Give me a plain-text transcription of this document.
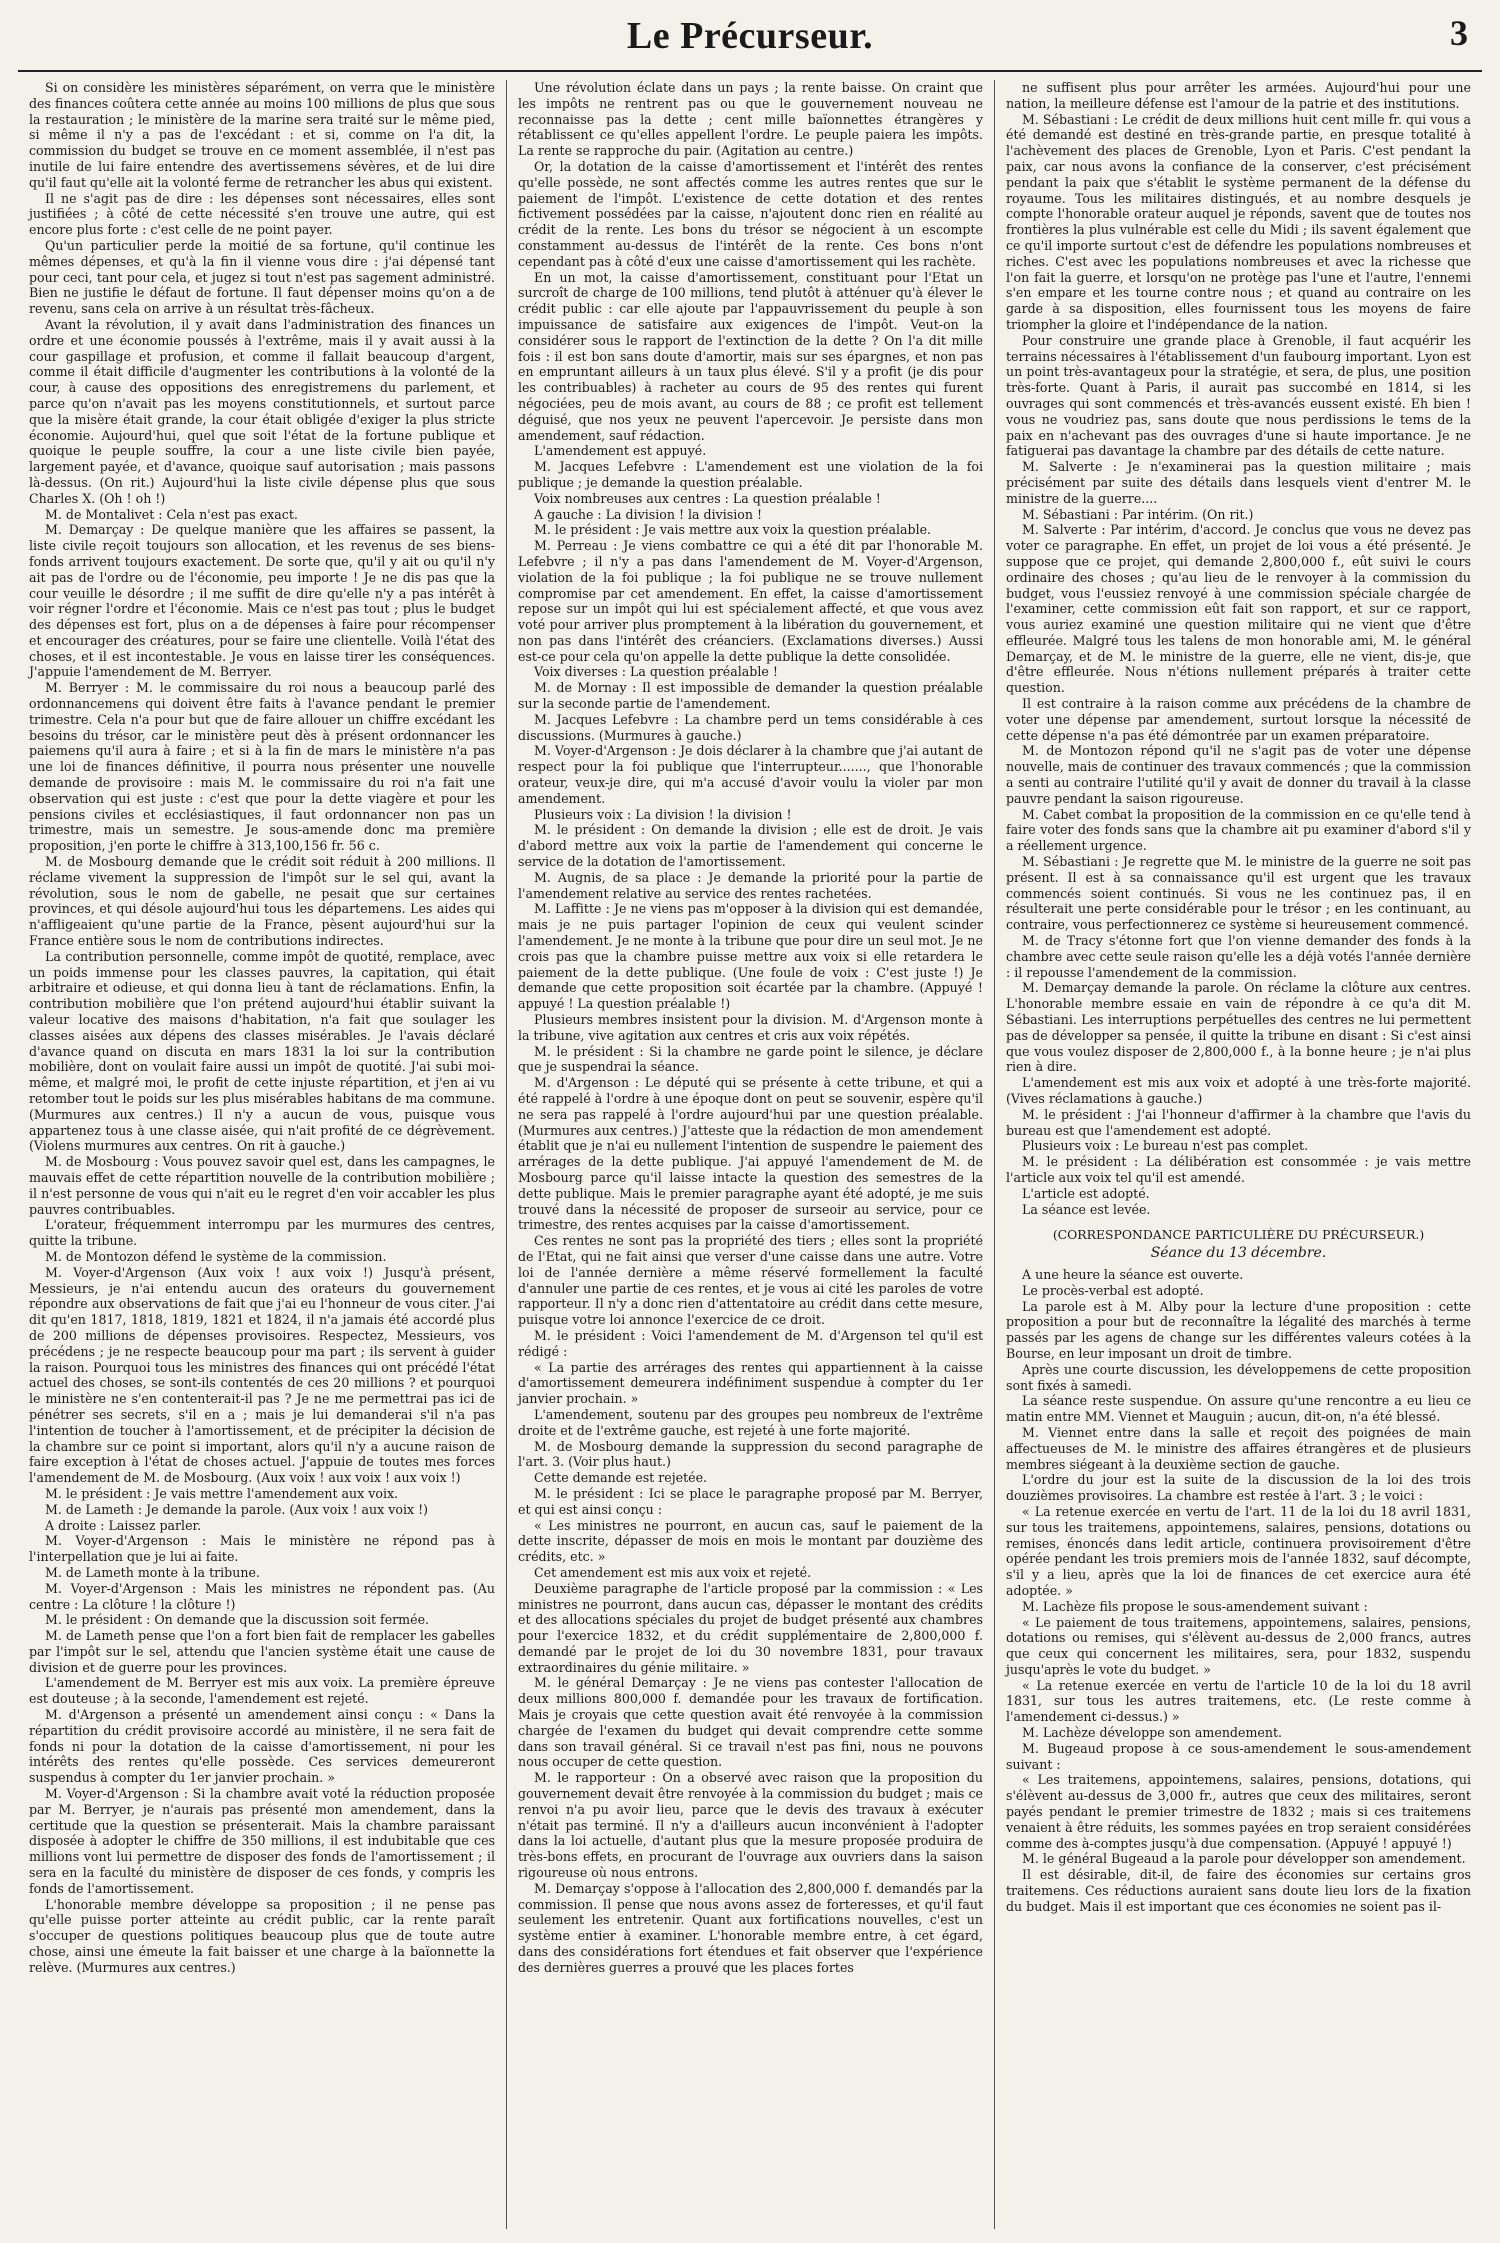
Le Précurseur.	3

Si on considère les ministères séparément, on verra que le ministère des finances coûtera cette année au moins 100 millions de plus que sous la restauration ; le ministère de la marine sera traité sur le même pied, si même il n'y a pas de l'excédant : et si, comme on l'a dit, la commission du budget se trouve en ce moment assemblée, il n'est pas inutile de lui faire entendre des avertissemens sévères, et de lui dire qu'il faut qu'elle ait la volonté ferme de retrancher les abus qui existent.

Il ne s'agit pas de dire : les dépenses sont nécessaires, elles sont justifiées ; à côté de cette nécessité s'en trouve une autre, qui est encore plus forte : c'est celle de ne point payer.

Qu'un particulier perde la moitié de sa fortune, qu'il continue les mêmes dépenses, et qu'à la fin il vienne vous dire : j'ai dépensé tant pour ceci, tant pour cela, et jugez si tout n'est pas sagement administré. Bien ne justifie le défaut de fortune. Il faut dépenser moins qu'on a de revenu, sans cela on arrive à un résultat très-fâcheux.

Avant la révolution, il y avait dans l'administration des finances un ordre et une économie poussés à l'extrême, mais il y avait aussi à la cour gaspillage et profusion, et comme il fallait beaucoup d'argent, comme il était difficile d'augmenter les contributions à la volonté de la cour, à cause des oppositions des enregistremens du parlement, et parce qu'on n'avait pas les moyens constitutionnels, et surtout parce que la misère était grande, la cour était obligée d'exiger la plus stricte économie. Aujourd'hui, quel que soit l'état de la fortune publique et quoique le peuple souffre, la cour a une liste civile bien payée, largement payée, et d'avance, quoique sauf autorisation ; mais passons là-dessus. (On rit.) Aujourd'hui la liste civile dépense plus que sous Charles X. (Oh ! oh !)

M. de Montalivet : Cela n'est pas exact.

M. Demarçay : De quelque manière que les affaires se passent, la liste civile reçoit toujours son allocation, et les revenus de ses biens-fonds arrivent toujours exactement. De sorte que, qu'il y ait ou qu'il n'y ait pas de l'ordre ou de l'économie, peu importe ! Je ne dis pas que la cour veuille le désordre ; il me suffit de dire qu'elle n'y a pas intérêt à voir régner l'ordre et l'économie. Mais ce n'est pas tout ; plus le budget des dépenses est fort, plus on a de dépenses à faire pour récompenser et encourager des créatures, pour se faire une clientelle. Voilà l'état des choses, et il est incontestable. Je vous en laisse tirer les conséquences. J'appuie l'amendement de M. Berryer.

M. Berryer : M. le commissaire du roi nous a beaucoup parlé des ordonnancemens qui doivent être faits à l'avance pendant le premier trimestre. Cela n'a pour but que de faire allouer un chiffre excédant les besoins du trésor, car le ministère peut dès à présent ordonnancer les paiemens qu'il aura à faire ; et si à la fin de mars le ministère n'a pas une loi de finances définitive, il pourra nous présenter une nouvelle demande de provisoire : mais M. le commissaire du roi n'a fait une observation qui est juste : c'est que pour la dette viagère et pour les pensions civiles et ecclésiastiques, il faut ordonnancer non pas un trimestre, mais un semestre. Je sous-amende donc ma première proposition, j'en porte le chiffre à 313,100,156 fr. 56 c.

M. de Mosbourg demande que le crédit soit réduit à 200 millions. Il réclame vivement la suppression de l'impôt sur le sel qui, avant la révolution, sous le nom de gabelle, ne pesait que sur certaines provinces, et qui désole aujourd'hui tous les départemens. Les aides qui n'affligeaient qu'une partie de la France, pèsent aujourd'hui sur la France entière sous le nom de contributions indirectes.

La contribution personnelle, comme impôt de quotité, remplace, avec un poids immense pour les classes pauvres, la capitation, qui était arbitraire et odieuse, et qui donna lieu à tant de réclamations. Enfin, la contribution mobilière que l'on prétend aujourd'hui établir suivant la valeur locative des maisons d'habitation, n'a fait que soulager les classes aisées aux dépens des classes misérables. Je l'avais déclaré d'avance quand on discuta en mars 1831 la loi sur la contribution mobilière, dont on voulait faire aussi un impôt de quotité. J'ai subi moi-même, et malgré moi, le profit de cette injuste répartition, et j'en ai vu retomber tout le poids sur les plus misérables habitans de ma commune. (Murmures aux centres.) Il n'y a aucun de vous, puisque vous appartenez tous à une classe aisée, qui n'ait profité de ce dégrèvement. (Violens murmures aux centres. On rit à gauche.)

M. de Mosbourg : Vous pouvez savoir quel est, dans les campagnes, le mauvais effet de cette répartition nouvelle de la contribution mobilière ; il n'est personne de vous qui n'ait eu le regret d'en voir accabler les plus pauvres contribuables.

L'orateur, fréquemment interrompu par les murmures des centres, quitte la tribune.

M. de Montozon défend le système de la commission.

M. Voyer-d'Argenson (Aux voix ! aux voix !) Jusqu'à présent, Messieurs, je n'ai entendu aucun des orateurs du gouvernement répondre aux observations de fait que j'ai eu l'honneur de vous citer. J'ai dit qu'en 1817, 1818, 1819, 1821 et 1824, il n'a jamais été accordé plus de 200 millions de dépenses provisoires. Respectez, Messieurs, vos précédens ; je ne respecte beaucoup pour ma part ; ils servent à guider la raison. Pourquoi tous les ministres des finances qui ont précédé l'état actuel des choses, se sont-ils contentés de ces 20 millions ? et pourquoi le ministère ne s'en contenterait-il pas ? Je ne me permettrai pas ici de pénétrer ses secrets, s'il en a ; mais je lui demanderai s'il n'a pas l'intention de toucher à l'amortissement, et de précipiter la décision de la chambre sur ce point si important, alors qu'il n'y a aucune raison de faire exception à l'état de choses actuel. J'appuie de toutes mes forces l'amendement de M. de Mosbourg. (Aux voix ! aux voix ! aux voix !)

M. le président : Je vais mettre l'amendement aux voix.

M. de Lameth : Je demande la parole. (Aux voix ! aux voix !)

A droite : Laissez parler.

M. Voyer-d'Argenson : Mais le ministère ne répond pas à l'interpellation que je lui ai faite.

M. de Lameth monte à la tribune.

M. Voyer-d'Argenson : Mais les ministres ne répondent pas. (Au centre : La clôture ! la clôture !)

M. le président : On demande que la discussion soit fermée.

M. de Lameth pense que l'on a fort bien fait de remplacer les gabelles par l'impôt sur le sel, attendu que l'ancien système était une cause de division et de guerre pour les provinces.

L'amendement de M. Berryer est mis aux voix. La première épreuve est douteuse ; à la seconde, l'amendement est rejeté.

M. d'Argenson a présenté un amendement ainsi conçu : « Dans la répartition du crédit provisoire accordé au ministère, il ne sera fait de fonds ni pour la dotation de la caisse d'amortissement, ni pour les intérêts des rentes qu'elle possède. Ces services demeureront suspendus à compter du 1er janvier prochain. »

M. Voyer-d'Argenson : Si la chambre avait voté la réduction proposée par M. Berryer, je n'aurais pas présenté mon amendement, dans la certitude que la question se présenterait. Mais la chambre paraissant disposée à adopter le chiffre de 350 millions, il est indubitable que ces millions vont lui permettre de disposer des fonds de l'amortissement ; il sera en la faculté du ministère de disposer de ces fonds, y compris les fonds de l'amortissement.

L'honorable membre développe sa proposition ; il ne pense pas qu'elle puisse porter atteinte au crédit public, car la rente paraît s'occuper de questions politiques beaucoup plus que de toute autre chose, ainsi une émeute la fait baisser et une charge à la baïonnette la relève. (Murmures aux centres.)

Une révolution éclate dans un pays ; la rente baisse. On craint que les impôts ne rentrent pas ou que le gouvernement nouveau ne reconnaisse pas la dette ; cent mille baïonnettes étrangères y rétablissent ce qu'elles appellent l'ordre. Le peuple paiera les impôts. La rente se rapproche du pair. (Agitation au centre.)

Or, la dotation de la caisse d'amortissement et l'intérêt des rentes qu'elle possède, ne sont affectés comme les autres rentes que sur le paiement de l'impôt. L'existence de cette dotation et des rentes fictivement possédées par la caisse, n'ajoutent donc rien en réalité au crédit de la rente. Les bons du trésor se négocient à un escompte constamment au-dessus de l'intérêt de la rente. Ces bons n'ont cependant pas à côté d'eux une caisse d'amortissement qui les rachète.

En un mot, la caisse d'amortissement, constituant pour l'Etat un surcroît de charge de 100 millions, tend plutôt à atténuer qu'à élever le crédit public : car elle ajoute par l'appauvrissement du peuple à son impuissance de satisfaire aux exigences de l'impôt. Veut-on la considérer sous le rapport de l'extinction de la dette ? On l'a dit mille fois : il est bon sans doute d'amortir, mais sur ses épargnes, et non pas en empruntant ailleurs à un taux plus élevé. S'il y a profit (je dis pour les contribuables) à racheter au cours de 95 des rentes qui furent négociées, peu de mois avant, au cours de 88 ; ce profit est tellement déguisé, que nos yeux ne peuvent l'apercevoir. Je persiste dans mon amendement, sauf rédaction.

L'amendement est appuyé.

M. Jacques Lefebvre : L'amendement est une violation de la foi publique ; je demande la question préalable.

Voix nombreuses aux centres : La question préalable !

A gauche : La division ! la division !

M. le président : Je vais mettre aux voix la question préalable.

M. Perreau : Je viens combattre ce qui a été dit par l'honorable M. Lefebvre ; il n'y a pas dans l'amendement de M. Voyer-d'Argenson, violation de la foi publique ; la foi publique ne se trouve nullement compromise par cet amendement. En effet, la caisse d'amortissement repose sur un impôt qui lui est spécialement affecté, et que vous avez voté pour arriver plus promptement à la libération du gouvernement, et non pas dans l'intérêt des créanciers. (Exclamations diverses.) Aussi est-ce pour cela qu'on appelle la dette publique la dette consolidée.

Voix diverses : La question préalable !

M. de Mornay : Il est impossible de demander la question préalable sur la seconde partie de l'amendement.

M. Jacques Lefebvre : La chambre perd un tems considérable à ces discussions. (Murmures à gauche.)

M. Voyer-d'Argenson : Je dois déclarer à la chambre que j'ai autant de respect pour la foi publique que l'interrupteur......., que l'honorable orateur, veux-je dire, qui m'a accusé d'avoir voulu la violer par mon amendement.

Plusieurs voix : La division ! la division !

M. le président : On demande la division ; elle est de droit. Je vais d'abord mettre aux voix la partie de l'amendement qui concerne le service de la dotation de l'amortissement.

M. Augnis, de sa place : Je demande la priorité pour la partie de l'amendement relative au service des rentes rachetées.

M. Laffitte : Je ne viens pas m'opposer à la division qui est demandée, mais je ne puis partager l'opinion de ceux qui veulent scinder l'amendement. Je ne monte à la tribune que pour dire un seul mot. Je ne crois pas que la chambre puisse mettre aux voix si elle retardera le paiement de la dette publique. (Une foule de voix : C'est juste !) Je demande que cette proposition soit écartée par la chambre. (Appuyé ! appuyé ! La question préalable !)

Plusieurs membres insistent pour la division. M. d'Argenson monte à la tribune, vive agitation aux centres et cris aux voix répétés.

M. le président : Si la chambre ne garde point le silence, je déclare que je suspendrai la séance.

M. d'Argenson : Le député qui se présente à cette tribune, et qui a été rappelé à l'ordre à une époque dont on peut se souvenir, espère qu'il ne sera pas rappelé à l'ordre aujourd'hui par une question préalable. (Murmures aux centres.) J'atteste que la rédaction de mon amendement établit que je n'ai eu nullement l'intention de suspendre le paiement des arrérages de la dette publique. J'ai appuyé l'amendement de M. de Mosbourg parce qu'il laisse intacte la question des semestres de la dette publique. Mais le premier paragraphe ayant été adopté, je me suis trouvé dans la nécessité de proposer de surseoir au service, pour ce trimestre, des rentes acquises par la caisse d'amortissement.

Ces rentes ne sont pas la propriété des tiers ; elles sont la propriété de l'Etat, qui ne fait ainsi que verser d'une caisse dans une autre. Votre loi de l'année dernière a même réservé formellement la faculté d'annuler une partie de ces rentes, et je vous ai cité les paroles de votre rapporteur. Il n'y a donc rien d'attentatoire au crédit dans cette mesure, puisque votre loi annonce l'exercice de ce droit.

M. le président : Voici l'amendement de M. d'Argenson tel qu'il est rédigé :

« La partie des arrérages des rentes qui appartiennent à la caisse d'amortissement demeurera indéfiniment suspendue à compter du 1er janvier prochain. »

L'amendement, soutenu par des groupes peu nombreux de l'extrême droite et de l'extrême gauche, est rejeté à une forte majorité.

M. de Mosbourg demande la suppression du second paragraphe de l'art. 3. (Voir plus haut.)

Cette demande est rejetée.

M. le président : Ici se place le paragraphe proposé par M. Berryer, et qui est ainsi conçu :

« Les ministres ne pourront, en aucun cas, sauf le paiement de la dette inscrite, dépasser de mois en mois le montant par douzième des crédits, etc. »

Cet amendement est mis aux voix et rejeté.

Deuxième paragraphe de l'article proposé par la commission : « Les ministres ne pourront, dans aucun cas, dépasser le montant des crédits et des allocations spéciales du projet de budget présenté aux chambres pour l'exercice 1832, et du crédit supplémentaire de 2,800,000 f. demandé par le projet de loi du 30 novembre 1831, pour travaux extraordinaires du génie militaire. »

M. le général Demarçay : Je ne viens pas contester l'allocation de deux millions 800,000 f. demandée pour les travaux de fortification. Mais je croyais que cette question avait été renvoyée à la commission chargée de l'examen du budget qui devait comprendre cette somme dans son travail général. Si ce travail n'est pas fini, nous ne pouvons nous occuper de cette question.

M. le rapporteur : On a observé avec raison que la proposition du gouvernement devait être renvoyée à la commission du budget ; mais ce renvoi n'a pu avoir lieu, parce que le devis des travaux à exécuter n'était pas terminé. Il n'y a d'ailleurs aucun inconvénient à l'adopter dans la loi actuelle, d'autant plus que la mesure proposée produira de très-bons effets, en procurant de l'ouvrage aux ouvriers dans la saison rigoureuse où nous entrons.

M. Demarçay s'oppose à l'allocation des 2,800,000 f. demandés par la commission. Il pense que nous avons assez de forteresses, et qu'il faut seulement les entretenir. Quant aux fortifications nouvelles, c'est un système entier à examiner. L'honorable membre entre, à cet égard, dans des considérations fort étendues et fait observer que l'expérience des dernières guerres a prouvé que les places fortes

ne suffisent plus pour arrêter les armées. Aujourd'hui pour une nation, la meilleure défense est l'amour de la patrie et des institutions.

M. Sébastiani : Le crédit de deux millions huit cent mille fr. qui vous a été demandé est destiné en très-grande partie, en presque totalité à l'achèvement des places de Grenoble, Lyon et Paris. C'est pendant la paix, car nous avons la confiance de la conserver, c'est précisément pendant la paix que s'établit le système permanent de la défense du royaume. Tous les militaires distingués, et au nombre desquels je compte l'honorable orateur auquel je réponds, savent que de toutes nos frontières la plus vulnérable est celle du Midi ; ils savent également que ce qu'il importe surtout c'est de défendre les populations nombreuses et riches. C'est avec les populations nombreuses et avec la richesse que l'on fait la guerre, et lorsqu'on ne protège pas l'une et l'autre, l'ennemi s'en empare et les tourne contre nous ; et quand au contraire on les garde à sa disposition, elles fournissent tous les moyens de faire triompher la gloire et l'indépendance de la nation.

Pour construire une grande place à Grenoble, il faut acquérir les terrains nécessaires à l'établissement d'un faubourg important. Lyon est un point très-avantageux pour la stratégie, et sera, de plus, une position très-forte. Quant à Paris, il aurait pas succombé en 1814, si les ouvrages qui sont commencés et très-avancés eussent existé. Eh bien ! vous ne voudriez pas, sans doute que nous perdissions le tems de la paix en n'achevant pas des ouvrages d'une si haute importance. Je ne fatiguerai pas davantage la chambre par des détails de cette nature.

M. Salverte : Je n'examinerai pas la question militaire ; mais précisément par suite des détails dans lesquels vient d'entrer M. le ministre de la guerre....

M. Sébastiani : Par intérim. (On rit.)

M. Salverte : Par intérim, d'accord. Je conclus que vous ne devez pas voter ce paragraphe. En effet, un projet de loi vous a été présenté. Je suppose que ce projet, qui demande 2,800,000 f., eût suivi le cours ordinaire des choses ; qu'au lieu de le renvoyer à la commission du budget, vous l'eussiez renvoyé à une commission spéciale chargée de l'examiner, cette commission eût fait son rapport, et sur ce rapport, vous auriez examiné une question militaire qui ne vient que d'être effleurée. Malgré tous les talens de mon honorable ami, M. le général Demarçay, et de M. le ministre de la guerre, elle ne vient, dis-je, que d'être effleurée. Nous n'étions nullement préparés à traiter cette question.

Il est contraire à la raison comme aux précédens de la chambre de voter une dépense par amendement, surtout lorsque la nécessité de cette dépense n'a pas été démontrée par un examen préparatoire.

M. de Montozon répond qu'il ne s'agit pas de voter une dépense nouvelle, mais de continuer des travaux commencés ; que la commission a senti au contraire l'utilité qu'il y avait de donner du travail à la classe pauvre pendant la saison rigoureuse.

M. Cabet combat la proposition de la commission en ce qu'elle tend à faire voter des fonds sans que la chambre ait pu examiner d'abord s'il y a réellement urgence.

M. Sébastiani : Je regrette que M. le ministre de la guerre ne soit pas présent. Il est à sa connaissance qu'il est urgent que les travaux commencés soient continués. Si vous ne les continuez pas, il en résulterait une perte considérable pour le trésor ; en les continuant, au contraire, vous perfectionnerez ce système si heureusement commencé.

M. de Tracy s'étonne fort que l'on vienne demander des fonds à la chambre avec cette seule raison qu'elle les a déjà votés l'année dernière : il repousse l'amendement de la commission.

M. Demarçay demande la parole. On réclame la clôture aux centres. L'honorable membre essaie en vain de répondre à ce qu'a dit M. Sébastiani. Les interruptions perpétuelles des centres ne lui permettent pas de développer sa pensée, il quitte la tribune en disant : Si c'est ainsi que vous voulez disposer de 2,800,000 f., à la bonne heure ; je n'ai plus rien à dire.

L'amendement est mis aux voix et adopté à une très-forte majorité. (Vives réclamations à gauche.)

M. le président : J'ai l'honneur d'affirmer à la chambre que l'avis du bureau est que l'amendement est adopté.

Plusieurs voix : Le bureau n'est pas complet.

M. le président : La délibération est consommée : je vais mettre l'article aux voix tel qu'il est amendé.

L'article est adopté.

La séance est levée.

(CORRESPONDANCE PARTICULIÈRE DU PRÉCURSEUR.)

Séance du 13 décembre.

A une heure la séance est ouverte.

Le procès-verbal est adopté.

La parole est à M. Alby pour la lecture d'une proposition : cette proposition a pour but de reconnaître la légalité des marchés à terme passés par les agens de change sur les différentes valeurs cotées à la Bourse, en leur imposant un droit de timbre.

Après une courte discussion, les développemens de cette proposition sont fixés à samedi.

La séance reste suspendue. On assure qu'une rencontre a eu lieu ce matin entre MM. Viennet et Mauguin ; aucun, dit-on, n'a été blessé.

M. Viennet entre dans la salle et reçoit des poignées de main affectueuses de M. le ministre des affaires étrangères et de plusieurs membres siégeant à la deuxième section de gauche.

L'ordre du jour est la suite de la discussion de la loi des trois douzièmes provisoires. La chambre est restée à l'art. 3 ; le voici :

« La retenue exercée en vertu de l'art. 11 de la loi du 18 avril 1831, sur tous les traitemens, appointemens, salaires, pensions, dotations ou remises, énoncés dans ledit article, continuera provisoirement d'être opérée pendant les trois premiers mois de l'année 1832, sauf décompte, s'il y a lieu, après que la loi de finances de cet exercice aura été adoptée. »

M. Lachèze fils propose le sous-amendement suivant :

« Le paiement de tous traitemens, appointemens, salaires, pensions, dotations ou remises, qui s'élèvent au-dessus de 2,000 francs, autres que ceux qui concernent les militaires, sera, pour 1832, suspendu jusqu'après le vote du budget. »

« La retenue exercée en vertu de l'article 10 de la loi du 18 avril 1831, sur tous les autres traitemens, etc. (Le reste comme à l'amendement ci-dessus.) »

M. Lachèze développe son amendement.

M. Bugeaud propose à ce sous-amendement le sous-amendement suivant :

« Les traitemens, appointemens, salaires, pensions, dotations, qui s'élèvent au-dessus de 3,000 fr., autres que ceux des militaires, seront payés pendant le premier trimestre de 1832 ; mais si ces traitemens venaient à être réduits, les sommes payées en trop seraient considérées comme des à-comptes jusqu'à due compensation. (Appuyé ! appuyé !)

M. le général Bugeaud a la parole pour développer son amendement.

Il est désirable, dit-il, de faire des économies sur certains gros traitemens. Ces réductions auraient sans doute lieu lors de la fixation du budget. Mais il est important que ces économies ne soient pas il-
